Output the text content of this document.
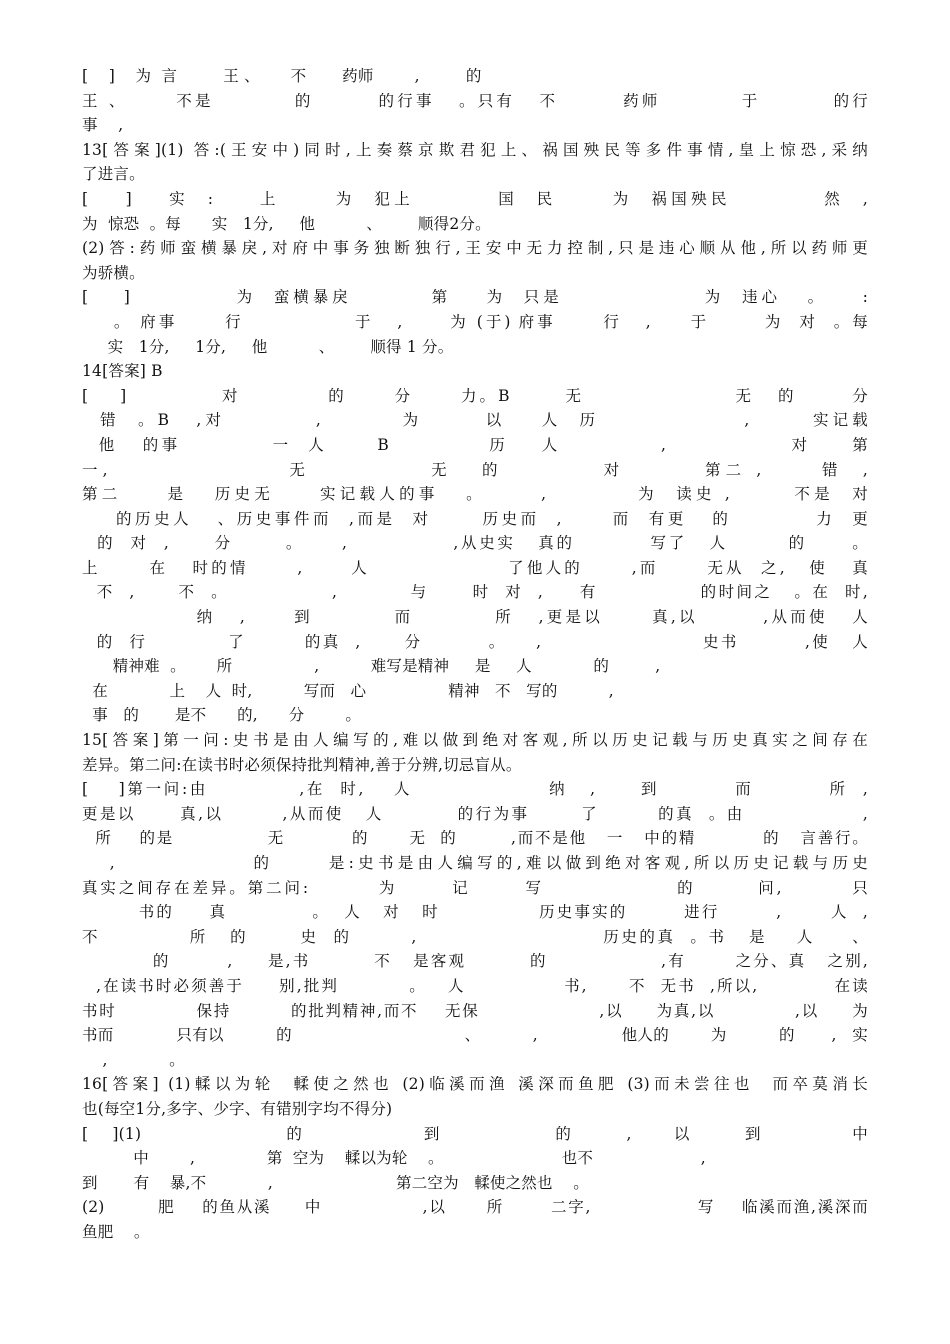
[    ]    为  言         王 、      不       药师        ,         的
王 、      不是          的        的行事   。只有   不        药师          于         的行
事    ,
13[答案](1) 答:(王安中)同时,上奏蔡京欺君犯上、祸国殃民等多件事情,皇上惊恐,采纳
了进言。
[    ]    实  :     上      为  犯上         国  民      为  祸国殃民          然  ,
为  惊恐  。每      实   1分,     他          、       顺得2分。
(2)答:药师蛮横暴戾,对府中事务独断独行,王安中无力控制,只是违心顺从他,所以药师更
为骄横。
[    ]            为  蛮横暴戾         第    为  只是                为  违心   。    :
。 府事      行              于   ,      为 (于) 府事      行   ,     于       为  对  。每
实   1分,     1分,     他          、       顺得 1 分。
14[答案] B
[    ]            对           的      分      力。B       无                   无   的       分
错  。B   ,对          ,         为       以    人  历                ,       实记载
他   的事           一  人      B            历    人            ,               对     第
一,                  无            无   的          对        第二 ,      错  ,
第二     是   历史无     实记载人的事   。      ,          为  读史 ,       不是  对
的历史人   、历史事件而  ,而是  对      历史而  ,      而  有更   的          力  更
的  对  ,      分       。     ,              ,从史实   真的          写了   人        的      。
上      在   时的情      ,      人                 了他人的      ,而      无从  之,   使   真
不  ,      不  。              ,          与      时  对  ,     有              的时间之   。在  时,
纳   ,      到          而          所   ,更是以      真,以        ,从而使   人
的  行           了        的真  ,      分         。    ,                      史书         ,使   人
精神难  。      所                ,          难写是精神     是     人            的         ,
在            上    人  时,          写而   心                精神   不   写的          ,
事   的       是不      的,      分        。
15[答案]第一问:史书是由人编写的,难以做到绝对客观,所以历史记载与历史真实之间存在
差异。第二问:在读书时必须保持批判精神,善于分辨,切忌盲从。
[    ]第一问:由            ,在  时,    人                  纳   ,      到          而          所  ,
更是以      真,以        ,从而使   人          的行为事       了        的真  。由                ,
所    的是              无          的      无  的        ,而不是他   一   中的精          的   言善行。
,               的      是:史书是由人编写的,难以做到绝对客观,所以历史记载与历史
真实之间存在差异。第二问:         为       记       写                 的        问,         只
书的     真            。  人   对   时              历史事实的        进行        ,       人  ,
不            所   的       史  的        ,                         历史的真  。书   是    人     、
的        ,     是,书         不   是客观         的                ,有       之分、真   之别,
,在读书时必须善于     别,批判          。   人              书,      不  无书  ,所以,           在读
书时            保持         的批判精神,而不    无保                  ,以     为真,以            ,以     为
书而            只有以          的                                 、          ,                他人的        为          的       ,   实
,            。
16[答案] (1)輮以为轮  輮使之然也 (2)临溪而渔 溪深而鱼肥 (3)而未尝往也  而卒莫消长
也(每空1分,多字、少字、有错别字均不得分)
[    ](1)                        的                    到                   的         ,       以         到               中
中        ,              第  空为    輮以为轮    。                       也不                     ,
到       有    暴,不            ,                        第二空为   輮使之然也    。
(2)        肥    的鱼从溪     中               ,以      所       二字,                写    临溪而渔,溪深而
鱼肥    。
